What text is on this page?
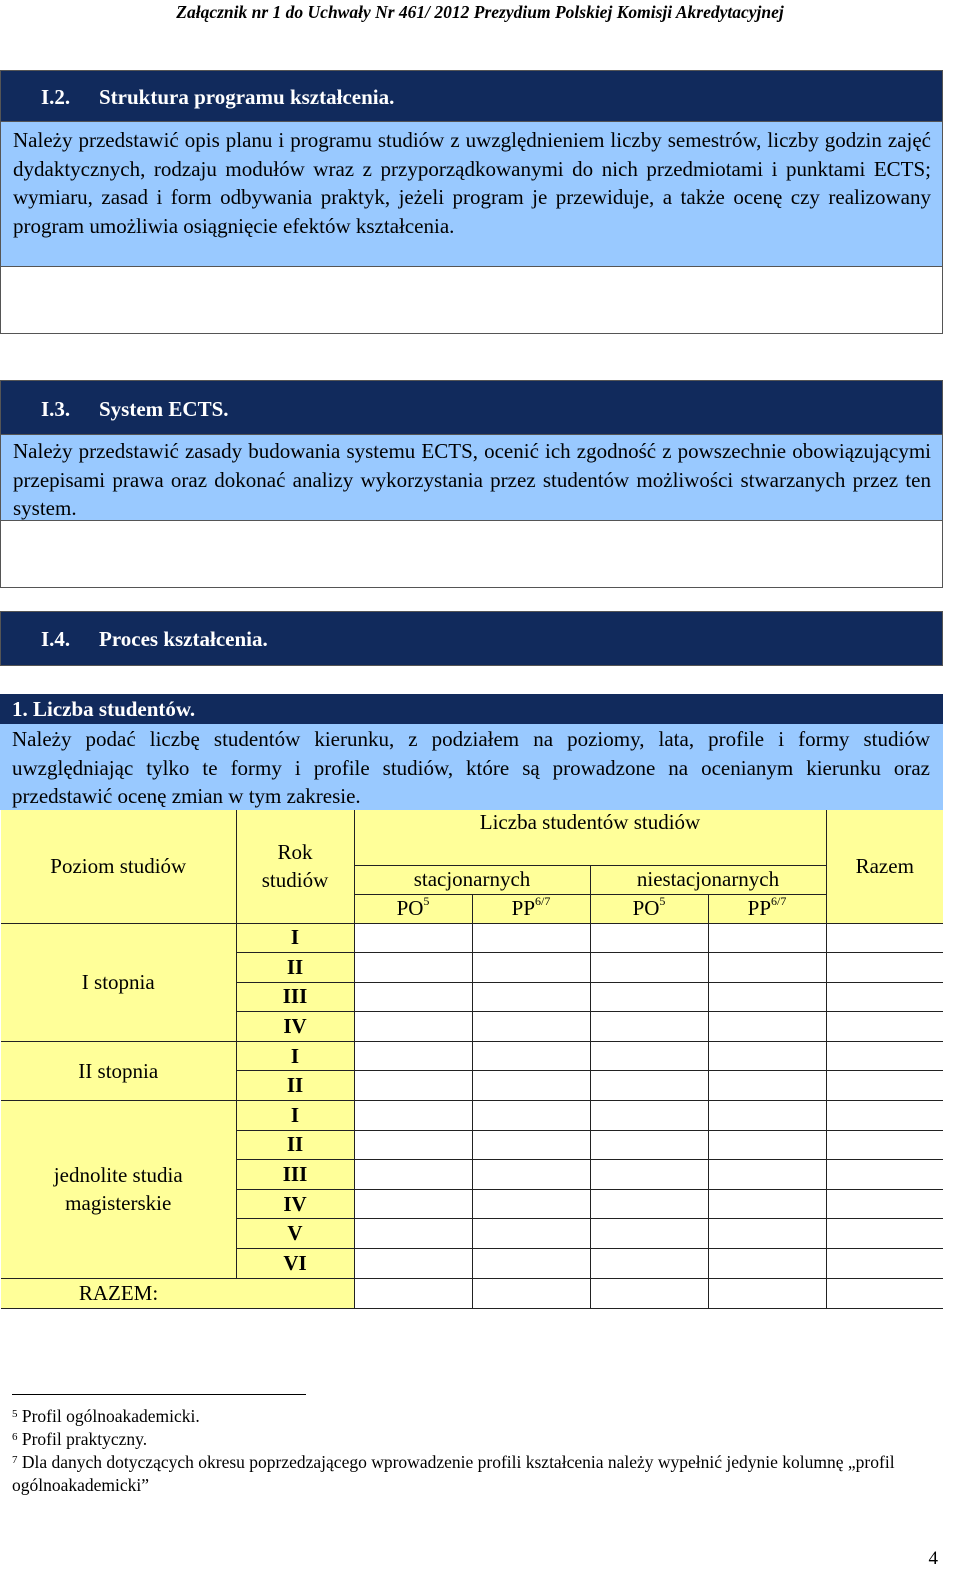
Załącznik nr 1 do Uchwały Nr 461/ 2012 Prezydium Polskiej Komisji Akredytacyjnej
I.2. Struktura programu kształcenia.
Należy przedstawić opis planu i programu studiów z uwzględnieniem liczby semestrów, liczby godzin zajęć dydaktycznych, rodzaju modułów wraz z przyporządkowanymi do nich przedmiotami i punktami ECTS; wymiaru, zasad i form odbywania praktyk, jeżeli program je przewiduje, a także ocenę czy realizowany program umożliwia osiągnięcie efektów kształcenia.
I.3. System ECTS.
Należy przedstawić zasady budowania systemu ECTS, ocenić ich zgodność z powszechnie obowiązującymi przepisami prawa oraz dokonać analizy wykorzystania przez studentów możliwości stwarzanych przez ten system.
I.4. Proces kształcenia.
1. Liczba studentów.
Należy podać liczbę studentów kierunku, z podziałem na poziomy, lata, profile i formy studiów uwzględniając tylko te formy i profile studiów, które są prowadzone na ocenianym kierunku oraz przedstawić ocenę zmian w tym zakresie.
Poziom studiów	Rok studiów	Liczba studentów studiów				Razem
		stacjonarnych		niestacjonarnych		
		$PO^5$	$PP^{6/7}$	$PO^5$	$PP^{6/7}$

I stopnia	I					
	II					
	III					
	IV					

II stopnia	I					
	II					

jednolite studia magisterskie	I					
	II					
	III					
	IV					
	V					
	VI					

RAZEM:						

$^5$ Profil ogólnoakademicki.
$^6$ Profil praktyczny.
$^7$ Dla danych dotyczących okresu poprzedzającego wprowadzenie profili kształcenia należy wypełnić jedynie kolumnę „profil ogólnoakademicki”
4
